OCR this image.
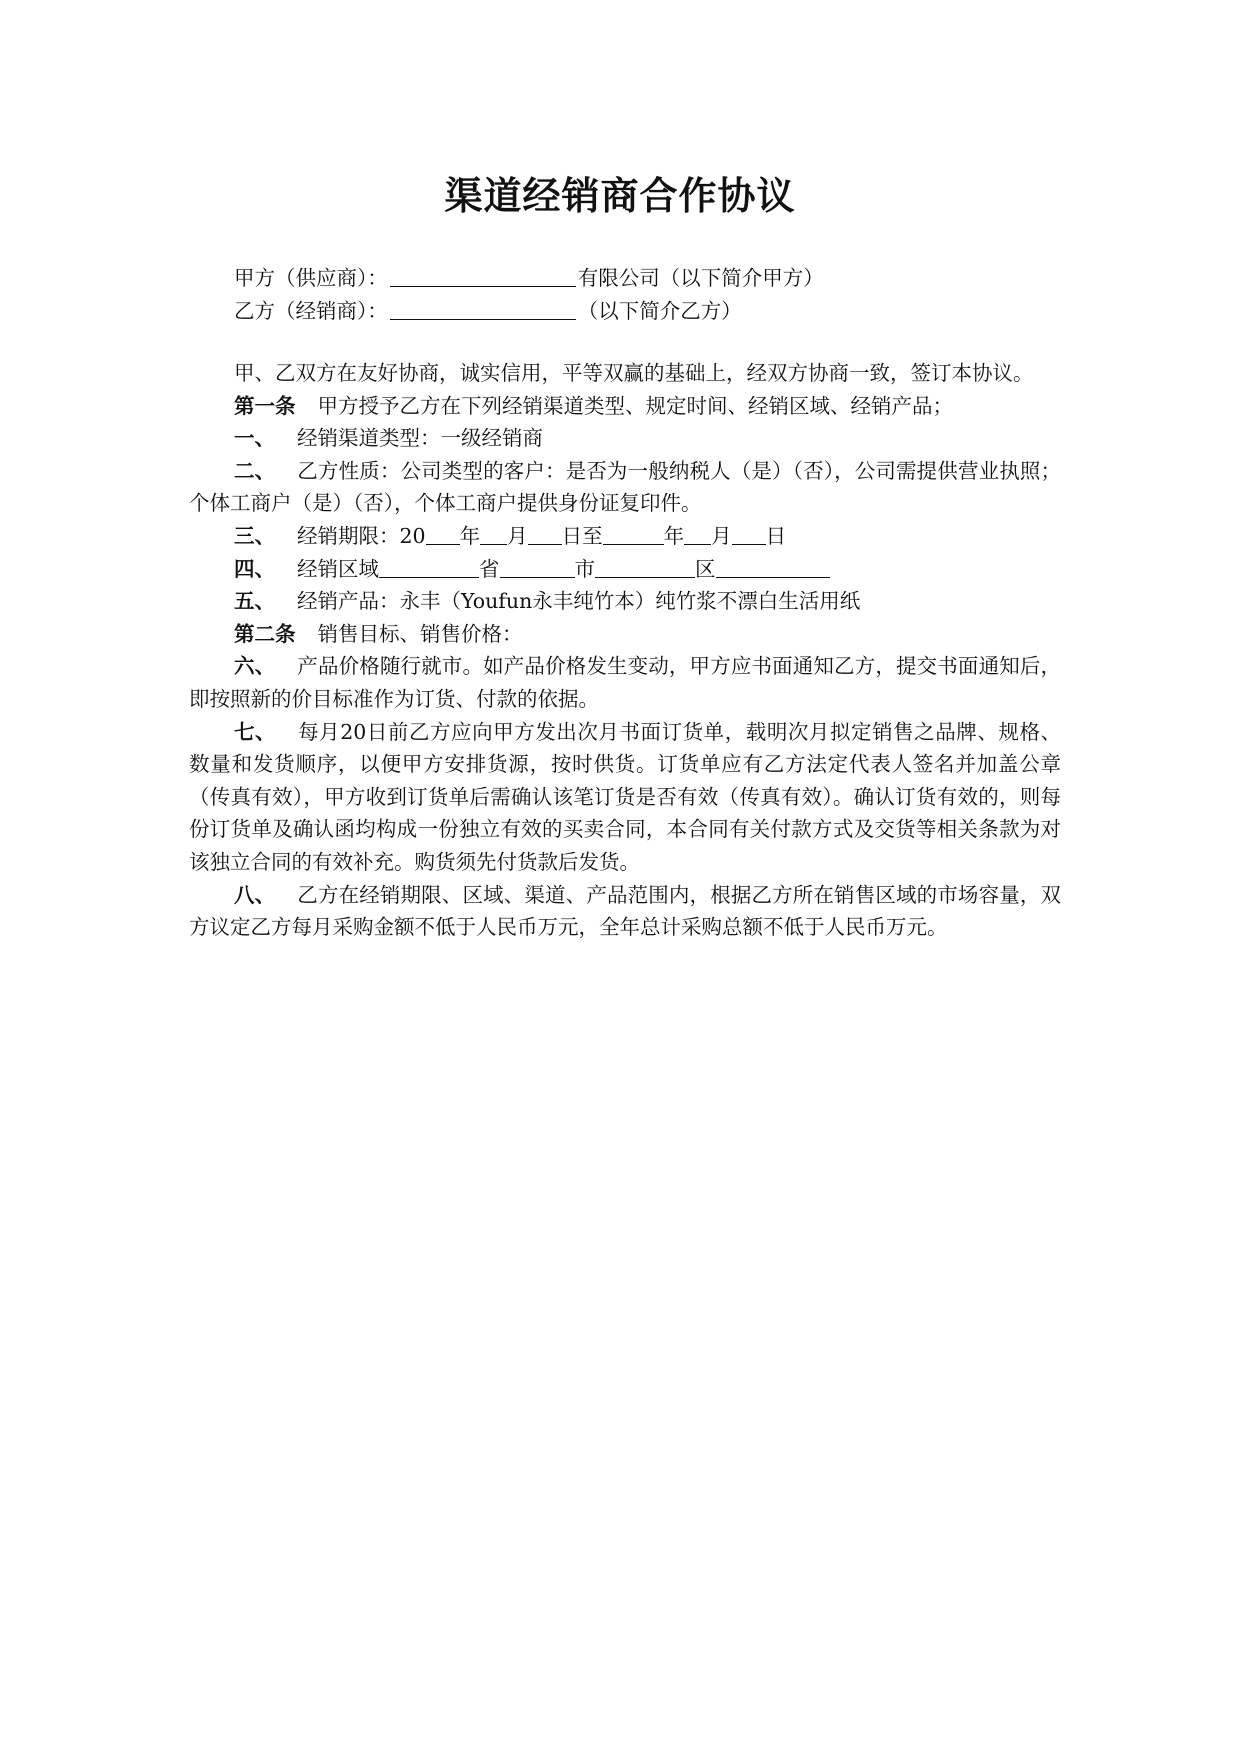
渠道经销商合作协议
甲方（供应商）：	有限公司（以下简介甲方）
乙方（经销商）：	（以下简介乙方）

甲、乙双方在友好协商，诚实信用，平等双赢的基础上，经双方协商一致，签订本协议。

第一条 甲方授予乙方在下列经销渠道类型、规定时间、经销区域、经销产品；

一、 经销渠道类型：一级经销商

二、 乙方性质：公司类型的客户：是否为一般纳税人（是）（否），公司需提供营业执照；个体工商户（是）（否），个体工商户提供身份证复印件。

三、 经销期限：20 年 月 日至	年 月 日

四、 经销区域	省	市	区

五、 经销产品：永丰（Youfun永丰纯竹本）纯竹浆不漂白生活用纸

第二条 销售目标、销售价格：

六、 产品价格随行就市。如产品价格发生变动，甲方应书面通知乙方，提交书面通知后，即按照新的价目标准作为订货、付款的依据。

七、 每月20日前乙方应向甲方发出次月书面订货单，载明次月拟定销售之品牌、规格、数量和发货顺序，以便甲方安排货源，按时供货。订货单应有乙方法定代表人签名并加盖公章（传真有效），甲方收到订货单后需确认该笔订货是否有效（传真有效）。确认订货有效的，则每份订货单及确认函均构成一份独立有效的买卖合同，本合同有关付款方式及交货等相关条款为对该独立合同的有效补充。购货须先付货款后发货。

八、 乙方在经销期限、区域、渠道、产品范围内，根据乙方所在销售区域的市场容量，双方议定乙方每月采购金额不低于人民币万元，全年总计采购总额不低于人民币万元。
